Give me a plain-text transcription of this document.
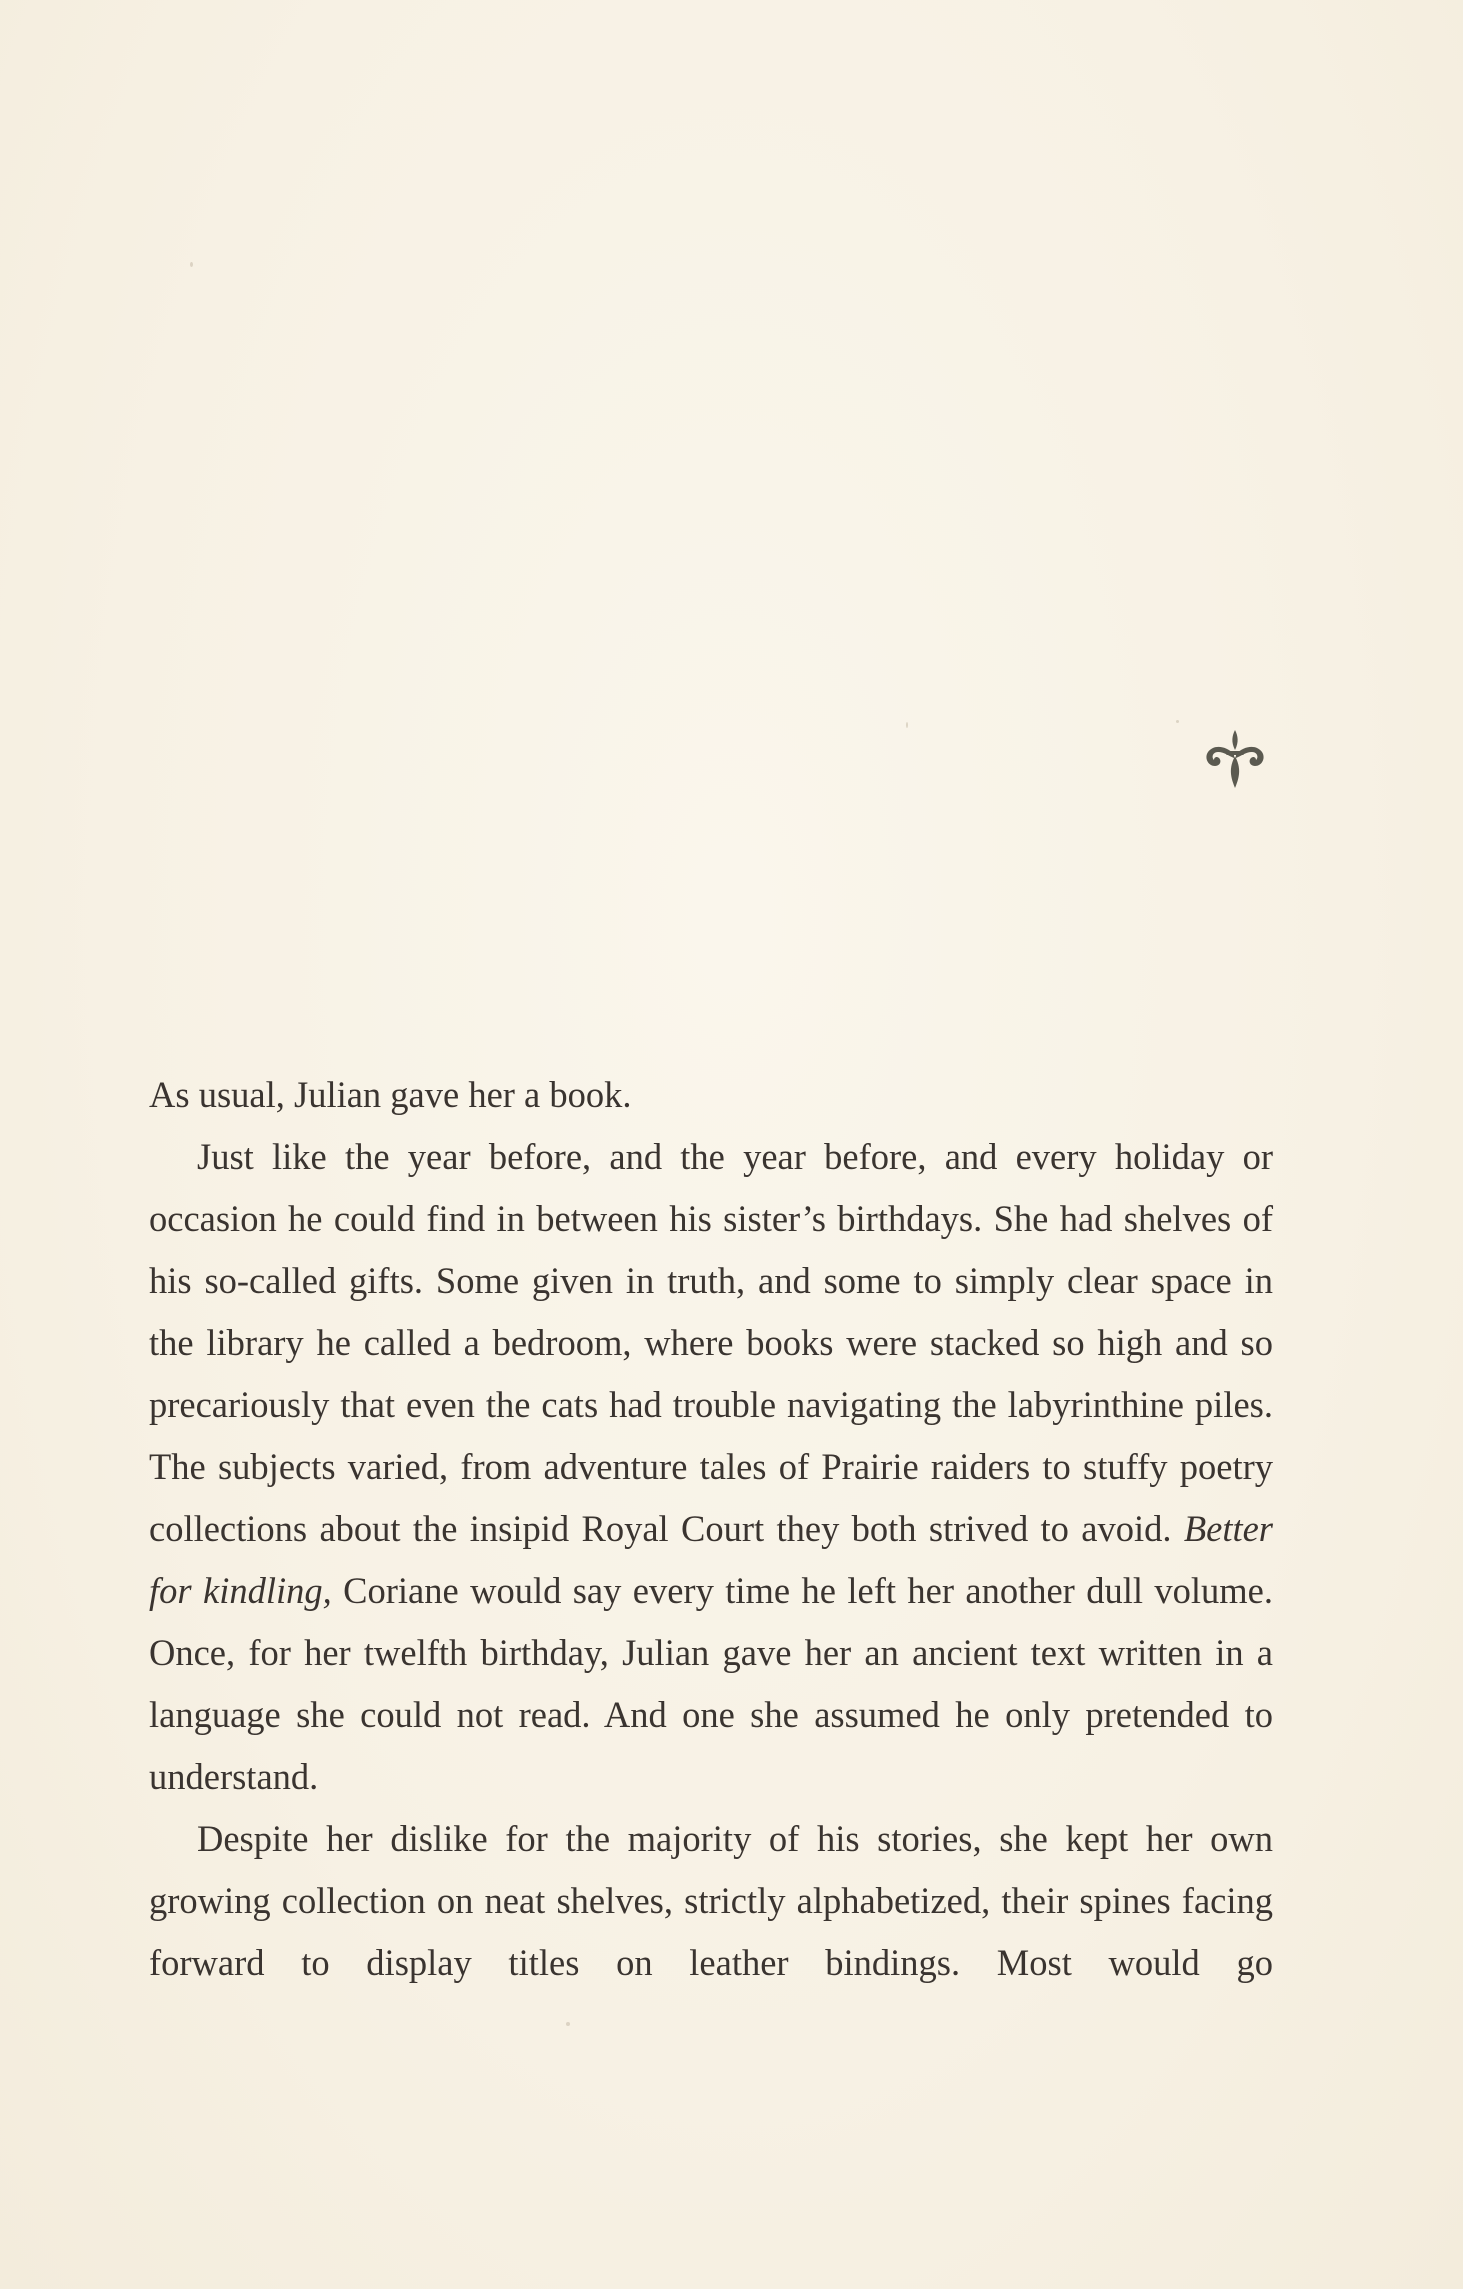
As usual, Julian gave her a book.

Just like the year before, and the year before, and every holiday or occasion he could find in between his sister’s birthdays. She had shelves of his so-called gifts. Some given in truth, and some to simply clear space in the library he called a bedroom, where books were stacked so high and so precariously that even the cats had trouble navigating the labyrinthine piles. The subjects varied, from adventure tales of Prairie raiders to stuffy poetry collections about the insipid Royal Court they both strived to avoid. Better for kindling, Coriane would say every time he left her another dull volume. Once, for her twelfth birthday, Julian gave her an ancient text written in a language she could not read. And one she assumed he only pretended to understand.

Despite her dislike for the majority of his stories, she kept her own growing collection on neat shelves, strictly alphabetized, their spines facing forward to display titles on leather bindings. Most would go
